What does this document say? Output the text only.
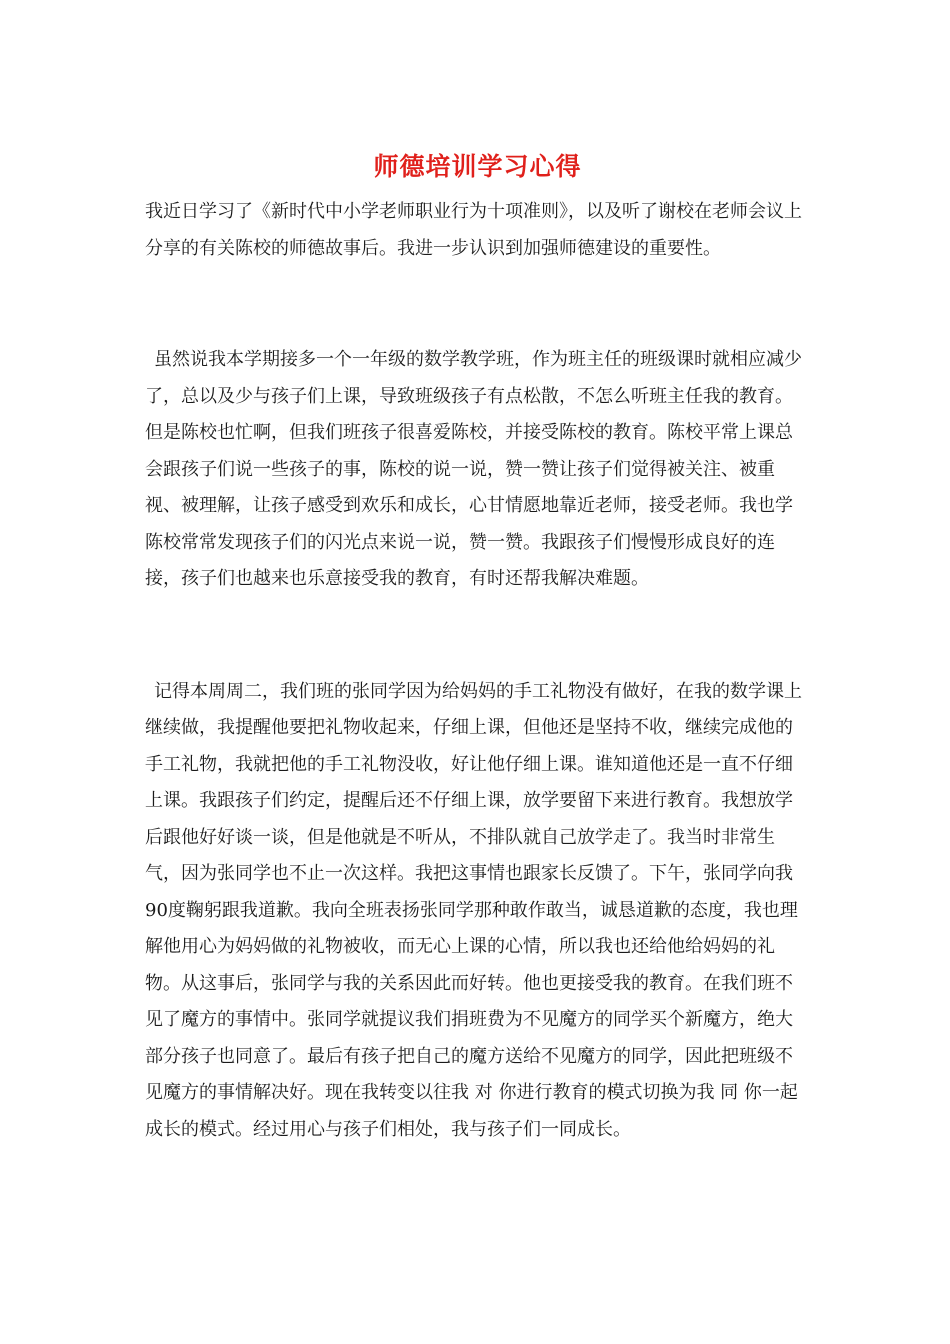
师德培训学习心得

我近日学习了《新时代中小学老师职业行为十项准则》，以及听了谢校在老师会议上分享的有关陈校的师德故事后。我进一步认识到加强师德建设的重要性。

虽然说我本学期接多一个一年级的数学教学班，作为班主任的班级课时就相应减少了，总以及少与孩子们上课，导致班级孩子有点松散，不怎么听班主任我的教育。但是陈校也忙啊，但我们班孩子很喜爱陈校，并接受陈校的教育。陈校平常上课总会跟孩子们说一些孩子的事，陈校的说一说，赞一赞让孩子们觉得被关注、被重视、被理解，让孩子感受到欢乐和成长，心甘情愿地靠近老师，接受老师。我也学陈校常常发现孩子们的闪光点来说一说，赞一赞。我跟孩子们慢慢形成良好的连接，孩子们也越来也乐意接受我的教育，有时还帮我解决难题。

记得本周周二，我们班的张同学因为给妈妈的手工礼物没有做好，在我的数学课上继续做，我提醒他要把礼物收起来，仔细上课，但他还是坚持不收，继续完成他的手工礼物，我就把他的手工礼物没收，好让他仔细上课。谁知道他还是一直不仔细上课。我跟孩子们约定，提醒后还不仔细上课，放学要留下来进行教育。我想放学后跟他好好谈一谈，但是他就是不听从，不排队就自己放学走了。我当时非常生气，因为张同学也不止一次这样。我把这事情也跟家长反馈了。下午，张同学向我90度鞠躬跟我道歉。我向全班表扬张同学那种敢作敢当，诚恳道歉的态度，我也理解他用心为妈妈做的礼物被收，而无心上课的心情，所以我也还给他给妈妈的礼物。从这事后，张同学与我的关系因此而好转。他也更接受我的教育。在我们班不见了魔方的事情中。张同学就提议我们捐班费为不见魔方的同学买个新魔方，绝大部分孩子也同意了。最后有孩子把自己的魔方送给不见魔方的同学，因此把班级不见魔方的事情解决好。现在我转变以往我 对 你进行教育的模式切换为我 同 你一起成长的模式。经过用心与孩子们相处，我与孩子们一同成长。
